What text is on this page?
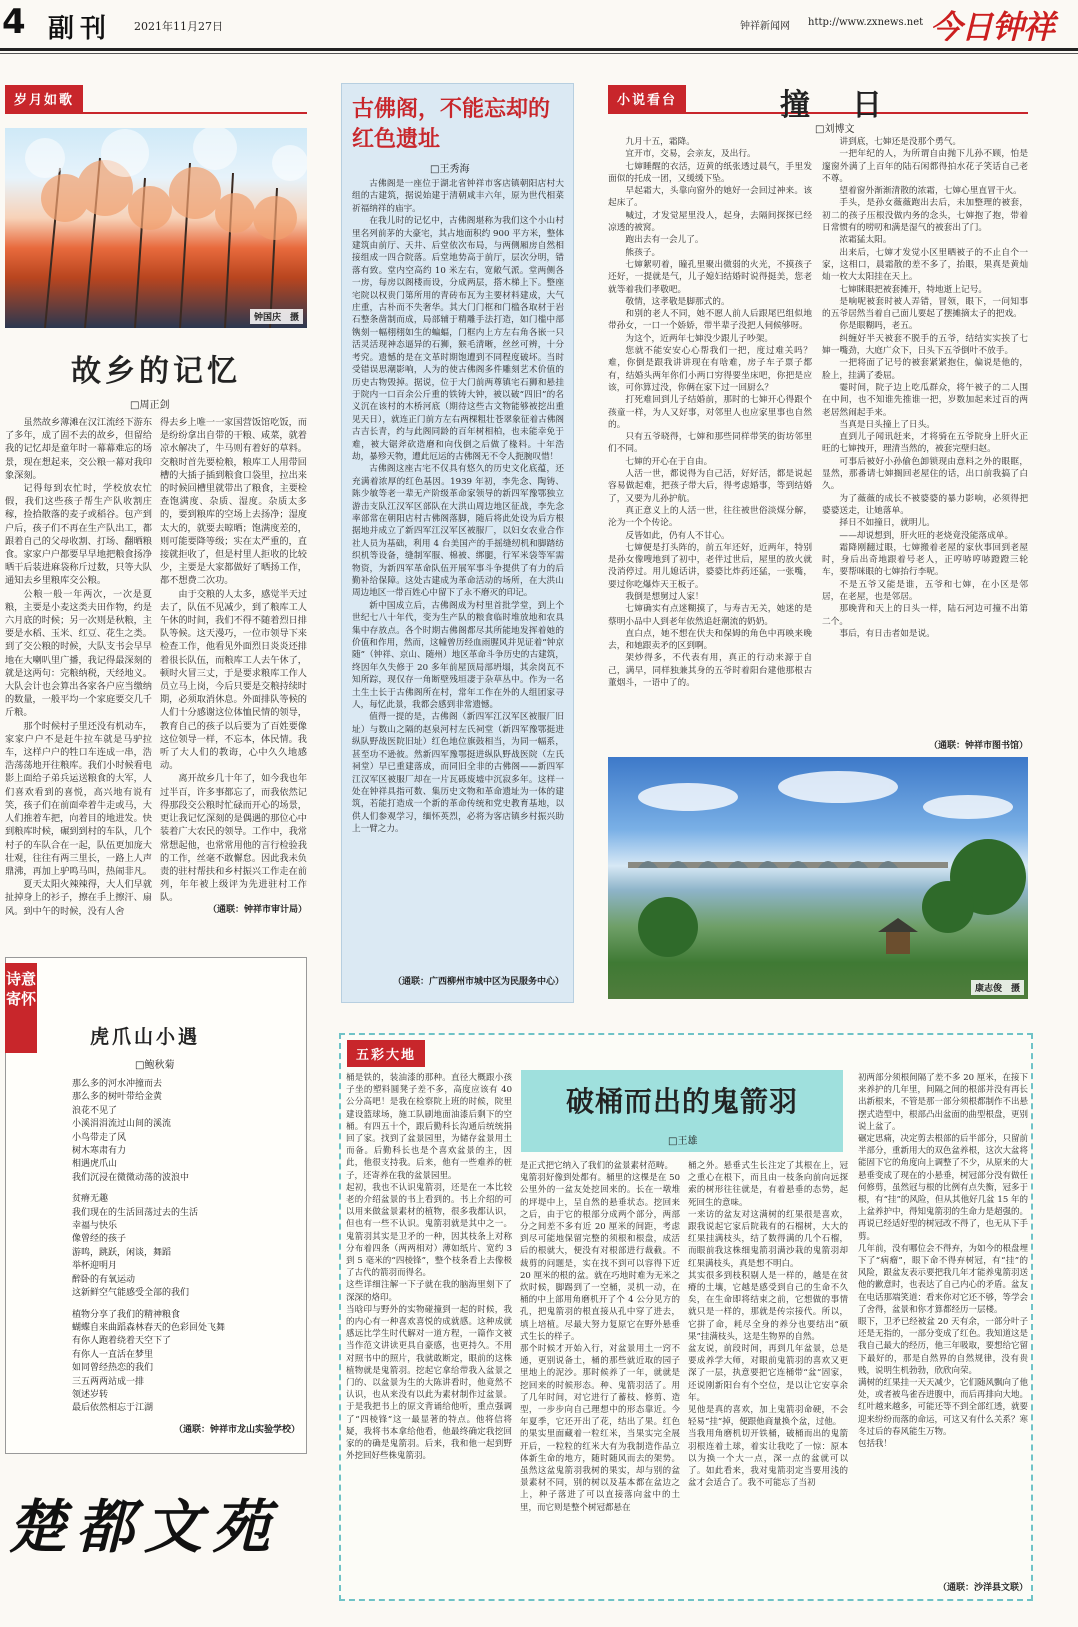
4 副刊 2021年11月27日	钟祥新闻网 http://www.zxnews.net 今日钟祥
岁月如歌
钟国庆　摄
故乡的记忆
□周正剑

虽然故乡薄滩在汉江流经下游东了多年，成了固不去的故乡，但留给我的记忆却是童年时一幕幕难忘的场景，现在想起来，交公粮一幕对我印象深刻。

记得每到农忙时，学校放农忙假，我们这些孩子帮生产队收割庄稼，捡拾散落的麦子或稻谷。包产到户后，孩子们不再在生产队出工，都跟着自己的父母收割、打场、翻晒粮食。家家户户都要早早地把粮食扬净晒干后装进麻袋称斤过数，只等大队通知去乡里粮库交公粮。

公粮一般一年两次，一次是夏粮，主要是小麦这类夫田作物，约是六月底的时候；另一次则是秋粮，主要是水稻、玉米、红豆、花生之类。到了交公粮的时候，大队支书会早早地在大喇叭里广播，我记得最深刻的就是这两句：完粮纳税，天经地义。大队会计也会算出各家各户应当缴纳的数量，一般平均一个家庭要交几千斤粮。

那个时候村子里还没有机动车，家家户户不是赶牛拉车就是马驴拉车，这样户户的牲口车连成一串，浩浩荡荡地开往粮库。我们小时候看电影上面给子弟兵运送粮食的大军，人们喜欢看到的喜悦，高兴地有说有笑，孩子们在前面牵着牛走或马，大人们推着车把，向着目的地进发。快到粮库时候，碾到到村的车队，几个村子的车队合在一起，队伍更加庞大壮观，往往有两三里长，一路上人声鼎沸，再加上驴鸣马叫，热闹非凡。

夏天太阳火辣辣得，大人们早就扯掉身上的衫子，擦在手上擦汗、扇风。到中午的时候，没有人舍

得去乡上唯一一家国营饭馆吃饭，而是纷纷拿出自带的干粮、咸菜，就着凉水解决了，牛马则有着好的草料。交粮时首先要检粮，粮库工人用带回槽的大插子插到粮食口袋里，拉出来的时候回槽里就带出了粮食，主要检查饱满度、杂质、湿度。杂质太多的，要到粮库的空场上去扬净；湿度太大的，就要去晾晒；饱满度差的，则可能要降等级；实在太严重的，直接就拒收了，但是村里人拒收的比较少，主要是大家都做好了晒扬工作，都不想费二次功。

由于交粮的人太多，感觉半天过去了，队伍不见减少，到了粮库工人午休的时间，我们不得不随着烈日排队等候。这天漫巧，一位市领导下来检查工作，他看见外面烈日炎炎还排着很长队伍，而粮库工人去午休了，顿时火冒三丈，于是要求粮库工作人员立马上岗，今后只要是交粮持续时期，必须取消休息。外面排队等候的人们十分感谢这位体恤民情的领导，教育自己的孩子以后要为了百姓要像这位领导一样，不忘本，体民情。我听了大人们的教诲，心中久久地感动。

离开故乡几十年了，如今我也年过半百，许多事都忘了，而我依然记得那段交公粮时忙碌而开心的场景，更让我记忆深刻的是偶遇的那位心中装着广大农民的领导。工作中，我常常想起他，也常常用他的言行检验我的工作，丝毫不敢懈怠。因此我未负责的驻村帮扶和乡村振兴工作走在前列，年年被上级评为先进驻村工作队。

（通联：钟祥市审计局）
古佛阁，不能忘却的红色遗址
□王秀海

古佛阁是一座位于湖北省钟祥市客店镇朝阳店村大组的古建筑，据说始建于清朝咸丰六年，原为世代相菜祈福纳祥的庙宇。

在我儿时的记忆中，古佛阁堪称为我们这个小山村里名列前茅的大豪宅，其占地面积约 900 平方米，整体建筑由前厅、天井、后堂依次布局，与两侧厢房自然相接组成一四合院落。后堂地势高于前厅，层次分明，错落有致。堂内空高约 10 米左右，宽敞气派。堂两侧各一房，每房以阁楼而设，分成两层，搭木梯上下。整座宅院以权贵门第所用的青砖布瓦为主要材料建成，大气庄重，古朴而不失奢华。其大门门框和门槛各取材于岩石整条凿制而成，局部辅于精雕手法打造，如门槛中部镌刻一幅栩栩如生的蝙蝠，门框内上方左右角各嵌一只活灵活现神态逼异的石狮，猴毛清晰，丝丝可辨，十分考究。遗憾的是在文革时期饱遭到不同程度破坏。当时受错误思潮影响，人为的使古佛阁多件雕刻艺术价值的历史古物毁掉。据说，位于大门前两尊镇宅石狮和悬挂于院内一口百余公斤重的铁铸大钟，被以破“四旧”的名义沉在该村的木桥河底（期待这些古文物能够被挖出重见天日），就连正门前方左右两棵粗壮苍翠象征着古佛阁古吉长青，约与此阁同龄的百年树相柏，也未能幸免于难，被大锯斧砍造磨和向伐倒之后做了椽料。十年浩劫，暴殄天物，遭此厄运的古佛阁无不令人扼腕叹惜！

古佛阁这座古宅不仅具有悠久的历史文化底蕴，还充满着浓厚的红色基因。1939 年初，李先念、陶铸、陈少敏等老一辈无产阶级革命家领导的新四军豫鄂独立游击支队江汉军区部队在大洪山周边地区征战，李先念率部常在朝阳店村古佛阁落脚，随后将此处设为后方根据地并成立了新四军江汉军区被服厂，以妇女农业合作社人员为基础，利用 4 台美国产的手摇缝纫机和脚踏纺织机等设备，缝制军服、棉被、绑腿，行军米袋等军需物资，为新四军革命队伍开展军事斗争提供了有力的后勤补给保障。这处古建成为革命活动的场所，在大洪山周边地区一带百姓心中留下了永不磨灭的印记。

新中国成立后，古佛阁成为村里首批学堂，到上个世纪七八十年代，变为生产队的粮食临时堆放地和农具集中存放点。各个时期古佛阁都尽其所能地发挥着她的价值和作用，然而，这幢曾历经血雨腥风并见证着“钟京随”（钟祥、京山、随州）地区革命斗争历史的古建筑，终因年久失修于 20 多年前屋顶局部坍塌，其余岗瓦不知所踪，现仅存一角断壁残垣凄于杂草丛中。作为一名土生土长于古佛阁所在村，常年工作在外的人组团家寻人，每忆此景，我都会感到非常遗憾。

值得一提的是，古佛阁（新四军江汉军区被服厂旧址）与数山之隔的赵泉河村左氏祠堂（新四军豫鄂挺进纵队野战医院旧址）红色地位旗鼓相当，为同一幅系，甚至功不逊彼。然新四军豫鄂挺进纵队野战医院（左氏祠堂）早已重建落成，而同旧全非的古佛阁——新四军江汉军区被服厂却在一片瓦砾废墟中沉寂多年。这样一处在钟祥具指可数、集历史文物和革命遗址为一体的建筑，若能打造成一个新的革命传统和党史教育基地，以供人们参观学习，缅怀英烈，必将为客店镇乡村振兴助上一臂之力。

（通联：广西柳州市城中区为民服务中心）
小说看台	撞　日
□刘博文

九月十五，霜降。

宜开市，交易，会亲友，及出行。

七婶睡醒的衣活，迈黄的纸张透过晨气，手里发面似的托成一团，又缓缓下坠。

早起霜大，头靠向窗外的她好一会回过神来。该起床了。

喊过，才发觉屋里没人，起身，去隔间探探已经凉透的被窝。

跑出去有一会儿了。

熊孩子。

七婶絮叨着，瞳孔里聚出微弱的火光，不摸孩子还好，一提就是气，儿子媳妇结婚时说得挺美，您老就等着我们孝敬吧。

敬情，这孝敬是脚那式的。

和别的老人不同，她不愿人前人后跟尾巴组似地带孙女，一口一个娇娇，带半辈子没把人伺候够呀。

为这个，近两年七婶没少跟儿子吵架。

您就不能安安心心帮我们一把，度过难关吗？难，你倒是跟我讲讲现在有啥难，房子车子票子都有，结婚头两年你们小两口穷得要坐床吧，你把是应该，可你算过没，你俩在家下过一回厨么？

打死难回到儿子结婚前，那时的七婶开心得跟个孩童一样，为人又好事，对邻里人也应家里事也自然的。

只有五爷晓得，七婶和那些同样带笑的街坊邻里们不同。

七婶的开心在于自由。

人活一世，都说得为自己活，好好活，都是说起容易做起难，把孩子带大后，得考虑婚事，等到结婚了，又要为儿孙护航。

真正意义上的人活一世，往往被世俗淡煤分解，沦为一个个传论。

反皆如此，仍有人不甘心。

七婶便是打头阵的，前五年还好，近两年，特别是孙女像嗖地到了初中，老伴过世后，屋里的放火就没消停过。用儿媳话讲，婆婆比炸药还猛，一张嘴，要过你吃爆炸天王板子。

我倒是想舅过人家！

七婶确实有点迷糊摸了，与寿吉无关，她迷的是蔡明小品中人到老年依然追赶潮流的奶奶。

直白点，她不想在伏夫和保姆的角色中再映来晚去，和她跟卖矛的区到啊。

架炒得多，不代表有用，真正的行动来源于自己，满早，同样独兼其身的五爷时着阳台建他那根古董烟斗，一语中了的。

讲到底，七婶还是没那个勇气。

一把年纪的人，为所谓自由抛下儿孙不顾，怕是邃窗外满了上百年的陆石闲都得拍水花子笑话自己老不尊。

望着窗外渐渐清散的浓霜，七婶心里直冒干火。

手头，是孙女薇薇跑出去后，未加整理的被套，初二的孩子压根没做内务的念头，七婶抱了抱，带着日常惯有的唠叨和满是湿气的被套出了门。

浓霜猛太阳。

出来后，七婶才发觉小区里晒被子的不止自个一家，这相口，晨霜散的差不多了，抬眼，果真是黄灿灿一枚大太阳挂在天上。

七婶眯眼把被套摊开，特地逝上记号。

是响呢被套时被人弄错，冒领，眼下，一问知事的五爷居然当着自己面儿要起了摆摊摘太子的把戏。

你是眼糊吗，老五。

纠缠好半天被套不脱手的五爷，结结实实挨了七婶一嘴劲，大庭广众下，日头下五爷倒叶不放手。

一把将面了记号的被套紧紧抱住，偏说是他的，脸上，挂满了委屈。

霎时间，院子边上吃瓜群众，将午被子的二人围在中间，也不知谁先推谁一把，岁数加起来过百的两老居然闹起手来。

当真是日头撞上了日头。

直到儿子闻讯赶来，才将骑在五爷院身上肝火正旺的七婶拽开，理清当然的，被套完壁归赵。

可事后被好小孙偷色卸锁现由意料之外的眼眶，显然，那番请七婶搁回老屋住的话，出口前我搞了白久。

为了薇薇的成长不被婆婆的暴力影响，必须得把婆婆送走，让她落单。

择日不如撞日，就明儿。

——却说想到，肝火旺的老烧竟没能落成单。

霜降刚翻过眼，七婶搬着老屋的家伙事回到老屋时，身后出奇地跟着号老人，正哼哧哼哧蹬蹬三轮车，要帮咪眼的七婶抬行李呢。

不是五爷又能是谁，五爷和七婶，在小区是邻居，在老屋，也是邻居。

那晚背和天上的日头一样，陆石河边可撞不出第二个。

事后，有日击者如是说。

（通联：钟祥市图书馆）
康志俊　摄
诗意寄怀
虎爪山小遇
□鲍秋菊
那么多的河水冲撞而去
那么多的树叶带给金黄
浪花不见了
小溪涓涓流过山间的溪流
小鸟带走了风
树木寒肃有力
相遇虎爪山
我们沉浸在微微动荡的波浪中
贫瘠无趣
我们现在的生活回荡过去的生活
幸福与快乐
像曾经的孩子
游鸣，跳跃，闲谈，舞蹈
举杯迎明月
醉卧的有氧运动
这新鲜空气能感受全部的我们
植物分享了我们的精神粮食
蝴蝶自来曲蹈森林春天的色彩回处飞舞
有你人跑着绕着天空下了
有你人一直活在梦里
如同曾经热恋的我们
三五两两站成一排
领述岁转
最后依然相忘于江湖
（通联：钟祥市龙山实验学校）
五彩大地
破桶而出的鬼箭羽
□王雄
桶是铁的，装油漆的那种。直径大概跟小孩子坐的塑料圆凳子差不多，高度应该有 40 公分高吧！是我在检察院上班的时候，院里建设篮球场，施工队刷地面油漆后剩下的空桶。有四五十个，跟后勤科长沟通后统统捐回了家。找到了盆景园里，为储存盆景用土而备。后勤科长也是个喜欢盆景的主，因此，他很支持我。后来，他有一些难养的桩子，还寄养在我的盆景园里。
起初，我也不认识鬼箭羽，还是在一本比较老的介绍盆景的书上看到的。书上介绍的可以用来做盆景素材的植物，很多我都认识，但也有一些不认识。鬼箭羽就是其中之一。鬼箭羽其实是卫矛的一种，因其枝条上对称分布着四条（两两相对）薄如纸片、宽约 3 到 5 毫米的“四棱锋”，整个枝条看上去像极了古代的箭羽而得名。
这些详细注解一下子就在我的脑海里刻下了深深的烙印。
当晗印与野外的实物碰撞到一起的时候，我的内心有一种喜欢喜悦的成就感。这种成就感远比学生时代解对一道方程，一篇作文被当作范文讲读更具自豪感，也更持久。不用对照书中的照片，我就敢断定，眼前的这株植物就是鬼箭羽。挖起它拿给带我入盆景之门的、以盆景为生的大陈讲看时，他竟然不认识，也从来没有以此为素材制作过盆景。于是我把书上的原文背诵给他听，重点强调了“四棱锋”这一最显著的特点。他将信将疑，我将书本拿给他看，他最终确定我挖回家的的确是鬼箭羽。后来，我和他一起到野外挖回好些株鬼箭羽。
是正式把它纳入了我们的盆景素材范畴。
鬼箭羽好像到处都有。桶里的这棵是在 50 公里外的一盆友处挖回来的。长在一墩堆的坪堤中上，呈自然的悬垂状态。挖回来之后，由于它的根部分成两个部分，两部分之间差不多有近 20 厘米的间距，考虑到尽可能地保留完整的须根和根盘，成活后的根就大，便没有对根部进行裁截。不裁剪的问题是，实在找不到可以容得下近 20 厘米的根的盆。就在巧地时难为无米之炊时候，脚踢到了一空桶，灵机一动，在桶的中上部用角磨机开了个 4 公分见方的孔，把鬼箭羽的根直接从孔中穿了进去，填上培植。尽最大努力复原它在野外悬垂式生长的样子。
那个时候才开始入行，对盆景用土一窍不通，更别说备土，桶的那些就近取的园子里地上的泥沙。那时候养了一年，就就是挖回来的时候形态。种、鬼箭羽活了。用了几年时间，对它进行了蓄枝、修剪、造型，一步步向自己理想中的形态靠近。今年夏季，它还开出了花，结出了果。红色的果实里面藏着一粒红米，当果实完全展开后，一粒粒的红米大有为我制造作品立体新生命的地方，随时随风而去的架势。虽然这盆鬼箭羽我树的果实，却与别的盆景素材不同，别的树以及基本都在盆边之上，种子落进了可以直接落向盆中的土里，而它则是整个树冠都悬在
桶之外。悬垂式生长注定了其根在上，冠之重心在根下，而且由一枝条向前向远探索的树形往往就是，有着悬垂的态势，起死回生的意味。
一来访的盆友对这满树的红果很是喜欢，跟我说起它家后院栽有的石榴树，大大的红果挂满枝头，结了数得满的几个石榴，而眼前我这株细鬼箭羽满沙栽的鬼箭羽却红果满枝头，真是想不明白。
其实很多到枝积剔人是一样的，越是在贫瘠的土壤，它越是感受到自己的生命不久矣，在生命即将结束之前，它想做的事情就只是一样的，那就是传宗接代。所以，它拼了命，耗尽全身的养分也要结出“硕果”挂满枝头，这是生物界的自然。
盆友说，前段时间，再到几年盆景，总是要成养学大师，对眼前鬼箭羽的喜欢又更深了一层，执意要把它连桶带“盆”固家，还说刚新阳台有个空位，是以让它安享余年。
见他是真的喜欢，加上鬼箭羽命硬，不会轻易“挂”掉，便跟他商量换个盆，过他。
当我用角磨机切开铁桶，破桶而出的鬼箭羽根连着土球，着实让我吃了一惊：原本以为换一个大一点，深一点的盆就可以了。如此看来，我对鬼箭羽定当要用浅的盆才会适合了。我不可能忘了当初
初两部分须根间隔了差不多 20 厘米，在接下来养护的几年里，间隔之间的根部并没有再长出新根来，不管是那一部分须根都制作不出悬摆式造型中，根部凸出盆面的曲型根盘，更别说上盆了。
碾定思痛，决定剪去根部的后半部分，只留前半部分，重新用大的双色盆养根，这次大盆将能固下它的角度向上调整了不少，从原来的大悬垂变成了现在的小悬垂，树冠部分没有做任何修剪，虽然冠与根的比例有点失衡，冠多于根，有“挂”的风险，但从其他好几盆 15 年的上盆养护中，得知鬼箭羽的生命力是超强的。再说已经适好型的树冠改不得了，也无从下手剪。
几年前，没有哪位会不得弃，为如今的根盘埋下了“病瘤”，眼下命不得弃树冠，有“挂”的风险，跟盆友表示要把我几年才能养鬼箭羽送他的歉意时，也表达了自己内心的矛盾。盆友在电话那端笑道：看来你对它还不够，等学会了舍得，盆景和你才算都经历一层楼。
眼下，卫矛已经被盆 20 天有余，一部分叶子还是无指的，一部分变成了红色。我知道这是我自己最大的经历，他三年吸取，要想给它留下最好的，那是自然界的自然规律，没有贵贱，说明生机勃勃，欣欣向荣。
满树的红果挂一天天减少，它们随风飘向了他处，或者被鸟雀吞进腹中，而后再排向大地。红叶越来越多，可能还等不到全部红透，就要迎来纷纷而落的命运，可这又有什么关系？寒冬过后的春风能生万物。
包括我！
（通联：沙洋县文联）
楚都文苑
